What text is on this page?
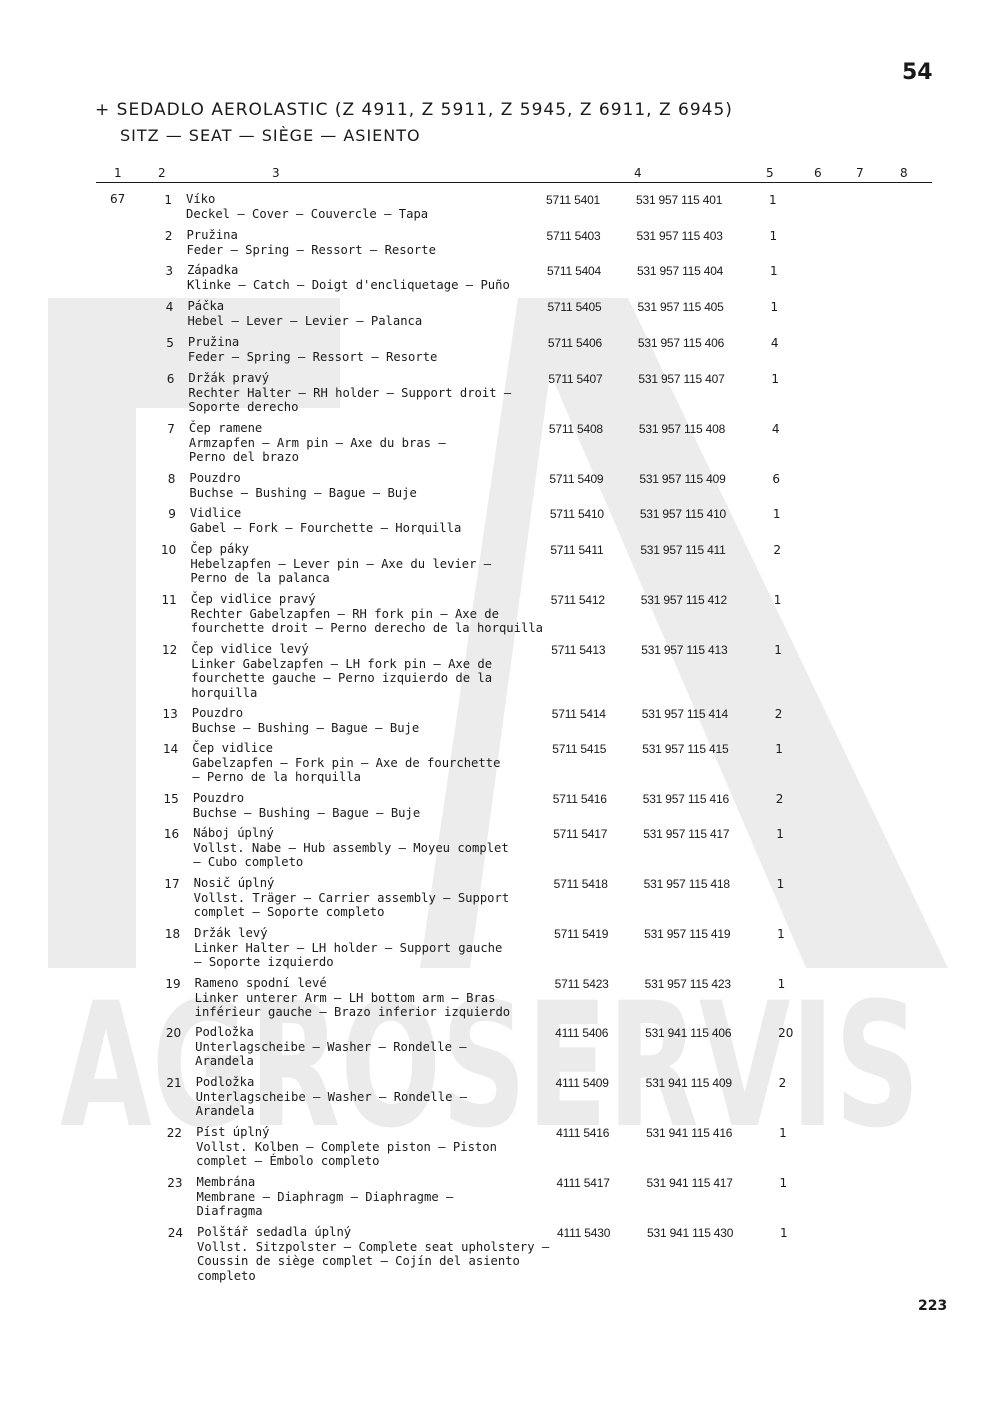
AGROSERVIS
54
+ SEDADLO AEROLASTIC (Z 4911, Z 5911, Z 5945, Z 6911, Z 6945)
SITZ — SEAT — SIÈGE — ASIENTO
1	2	3	4	5	6	7	8
67	1 Víko
Deckel — Cover — Couvercle — Tapa
5711 5401	531 957 115 401	1
2 Pružina
Feder — Spring — Ressort — Resorte
5711 5403	531 957 115 403	1
3 Západka
Klinke — Catch — Doigt d'encliquetage — Puño
5711 5404	531 957 115 404	1
4 Páčka
Hebel — Lever — Levier — Palanca
5711 5405	531 957 115 405	1
5 Pružina
Feder — Spring — Ressort — Resorte
5711 5406	531 957 115 406	4
6 Držák pravý
Rechter Halter — RH holder — Support droit —
Soporte derecho
5711 5407	531 957 115 407	1
7 Čep ramene
Armzapfen — Arm pin — Axe du bras —
Perno del brazo
5711 5408	531 957 115 408	4
8 Pouzdro
Buchse — Bushing — Bague — Buje
5711 5409	531 957 115 409	6
9 Vidlice
Gabel — Fork — Fourchette — Horquilla
5711 5410	531 957 115 410	1
10 Čep páky
Hebelzapfen — Lever pin — Axe du levier —
Perno de la palanca
5711 5411	531 957 115 411	2
11 Čep vidlice pravý
Rechter Gabelzapfen — RH fork pin — Axe de
fourchette droit — Perno derecho de la horquilla
5711 5412	531 957 115 412	1
12 Čep vidlice levý
Linker Gabelzapfen — LH fork pin — Axe de
fourchette gauche — Perno izquierdo de la
horquilla
5711 5413	531 957 115 413	1
13 Pouzdro
Buchse — Bushing — Bague — Buje
5711 5414	531 957 115 414	2
14 Čep vidlice
Gabelzapfen — Fork pin — Axe de fourchette
— Perno de la horquilla
5711 5415	531 957 115 415	1
15 Pouzdro
Buchse — Bushing — Bague — Buje
5711 5416	531 957 115 416	2
16 Náboj úplný
Vollst. Nabe — Hub assembly — Moyeu complet
— Cubo completo
5711 5417	531 957 115 417	1
17 Nosič úplný
Vollst. Träger — Carrier assembly — Support
complet — Soporte completo
5711 5418	531 957 115 418	1
18 Držák levý
Linker Halter — LH holder — Support gauche
— Soporte izquierdo
5711 5419	531 957 115 419	1
19 Rameno spodní levé
Linker unterer Arm — LH bottom arm — Bras
inférieur gauche — Brazo inferior izquierdo
5711 5423	531 957 115 423	1
20 Podložka
Unterlagscheibe — Washer — Rondelle —
Arandela
4111 5406	531 941 115 406	20
21 Podložka
Unterlagscheibe — Washer — Rondelle —
Arandela
4111 5409	531 941 115 409	2
22 Píst úplný
Vollst. Kolben — Complete piston — Piston
complet — Émbolo completo
4111 5416	531 941 115 416	1
23 Membrána
Membrane — Diaphragm — Diaphragme —
Diafragma
4111 5417	531 941 115 417	1
24 Polštář sedadla úplný
Vollst. Sitzpolster — Complete seat upholstery —
Coussin de siège complet — Cojín del asiento
completo
4111 5430	531 941 115 430	1
223
